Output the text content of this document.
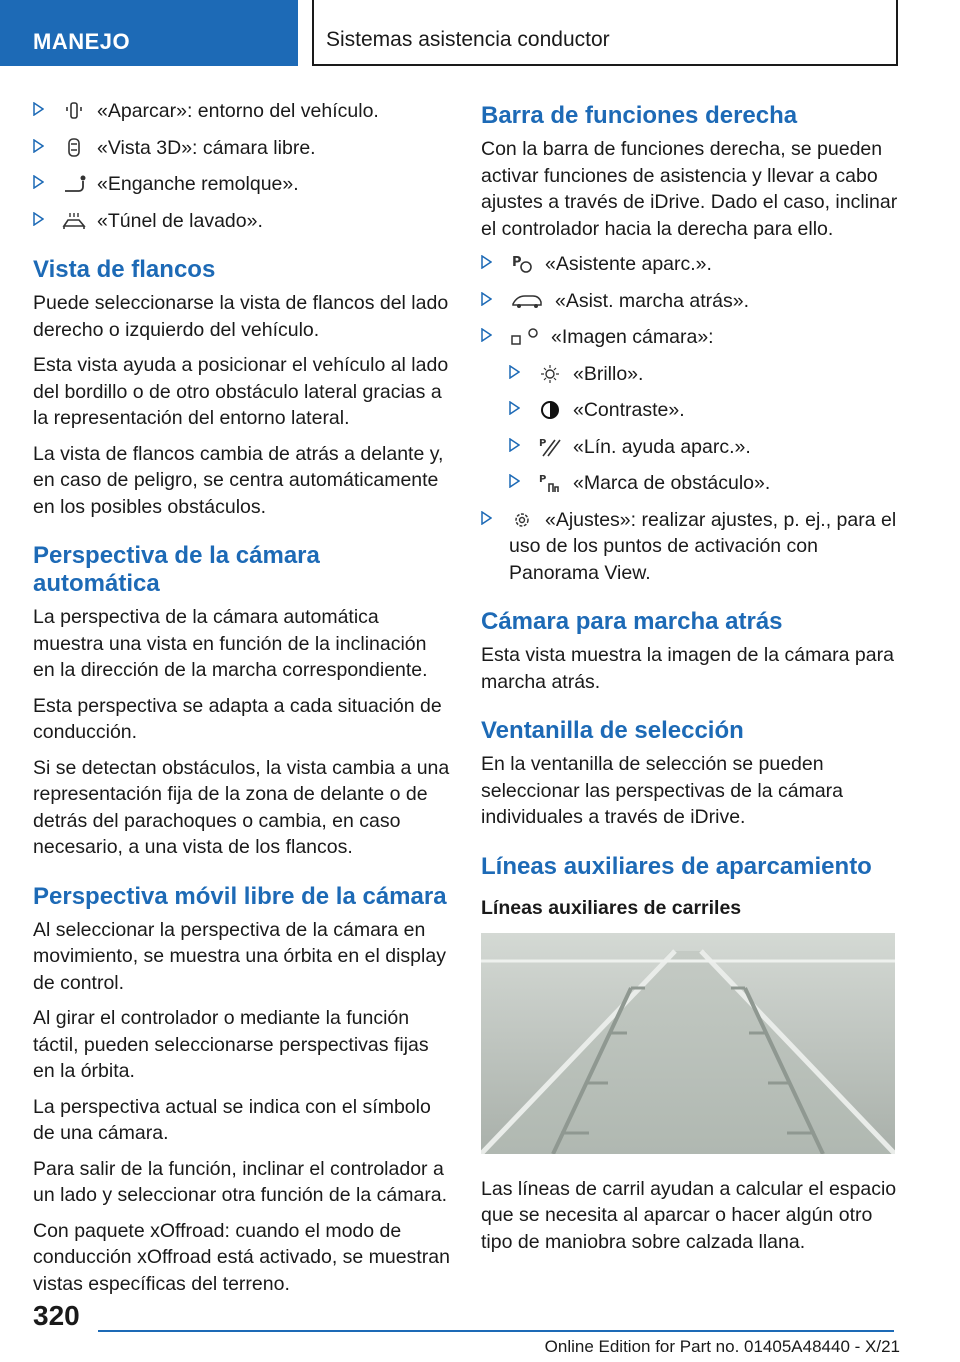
MANEJO	Sistemas asistencia conductor
«Aparcar»: entorno del vehículo.
«Vista 3D»: cámara libre.
«Enganche remolque».
«Túnel de lavado».
Vista de flancos

Puede seleccionarse la vista de flancos del lado derecho o izquierdo del vehículo.

Esta vista ayuda a posicionar el vehículo al lado del bordillo o de otro obstáculo lateral gracias a la representación del entorno lateral.

La vista de flancos cambia de atrás a delante y, en caso de peligro, se centra automáticamente en los posibles obstáculos.

Perspectiva de la cámara automática

La perspectiva de la cámara automática muestra una vista en función de la inclinación en la dirección de la marcha correspondiente.

Esta perspectiva se adapta a cada situación de conducción.

Si se detectan obstáculos, la vista cambia a una representación fija de la zona de delante o de detrás del parachoques o cambia, en caso necesario, a una vista de los flancos.

Perspectiva móvil libre de la cámara

Al seleccionar la perspectiva de la cámara en movimiento, se muestra una órbita en el display de control.

Al girar el controlador o mediante la función táctil, pueden seleccionarse perspectivas fijas en la órbita.

La perspectiva actual se indica con el símbolo de una cámara.

Para salir de la función, inclinar el controlador a un lado y seleccionar otra función de la cámara.

Con paquete xOffroad: cuando el modo de conducción xOffroad está activado, se muestran vistas específicas del terreno.

Barra de funciones derecha

Con la barra de funciones derecha, se pueden activar funciones de asistencia y llevar a cabo ajustes a través de iDrive. Dado el caso, inclinar el controlador hacia la derecha para ello.

P «Asistente aparc.».
«Asist. marcha atrás».
«Imagen cámara»:
«Brillo».
«Contraste».
P «Lín. ayuda aparc.».
P «Marca de obstáculo».
«Ajustes»: realizar ajustes, p. ej., para el uso de los puntos de activación con Panorama View.
Cámara para marcha atrás

Esta vista muestra la imagen de la cámara para marcha atrás.

Ventanilla de selección

En la ventanilla de selección se pueden seleccionar las perspectivas de la cámara individuales a través de iDrive.

Líneas auxiliares de aparcamiento
Líneas auxiliares de carriles

Las líneas de carril ayudan a calcular el espacio que se necesita al aparcar o hacer algún otro tipo de maniobra sobre calzada llana.

320
Online Edition for Part no. 01405A48440 - X/21
